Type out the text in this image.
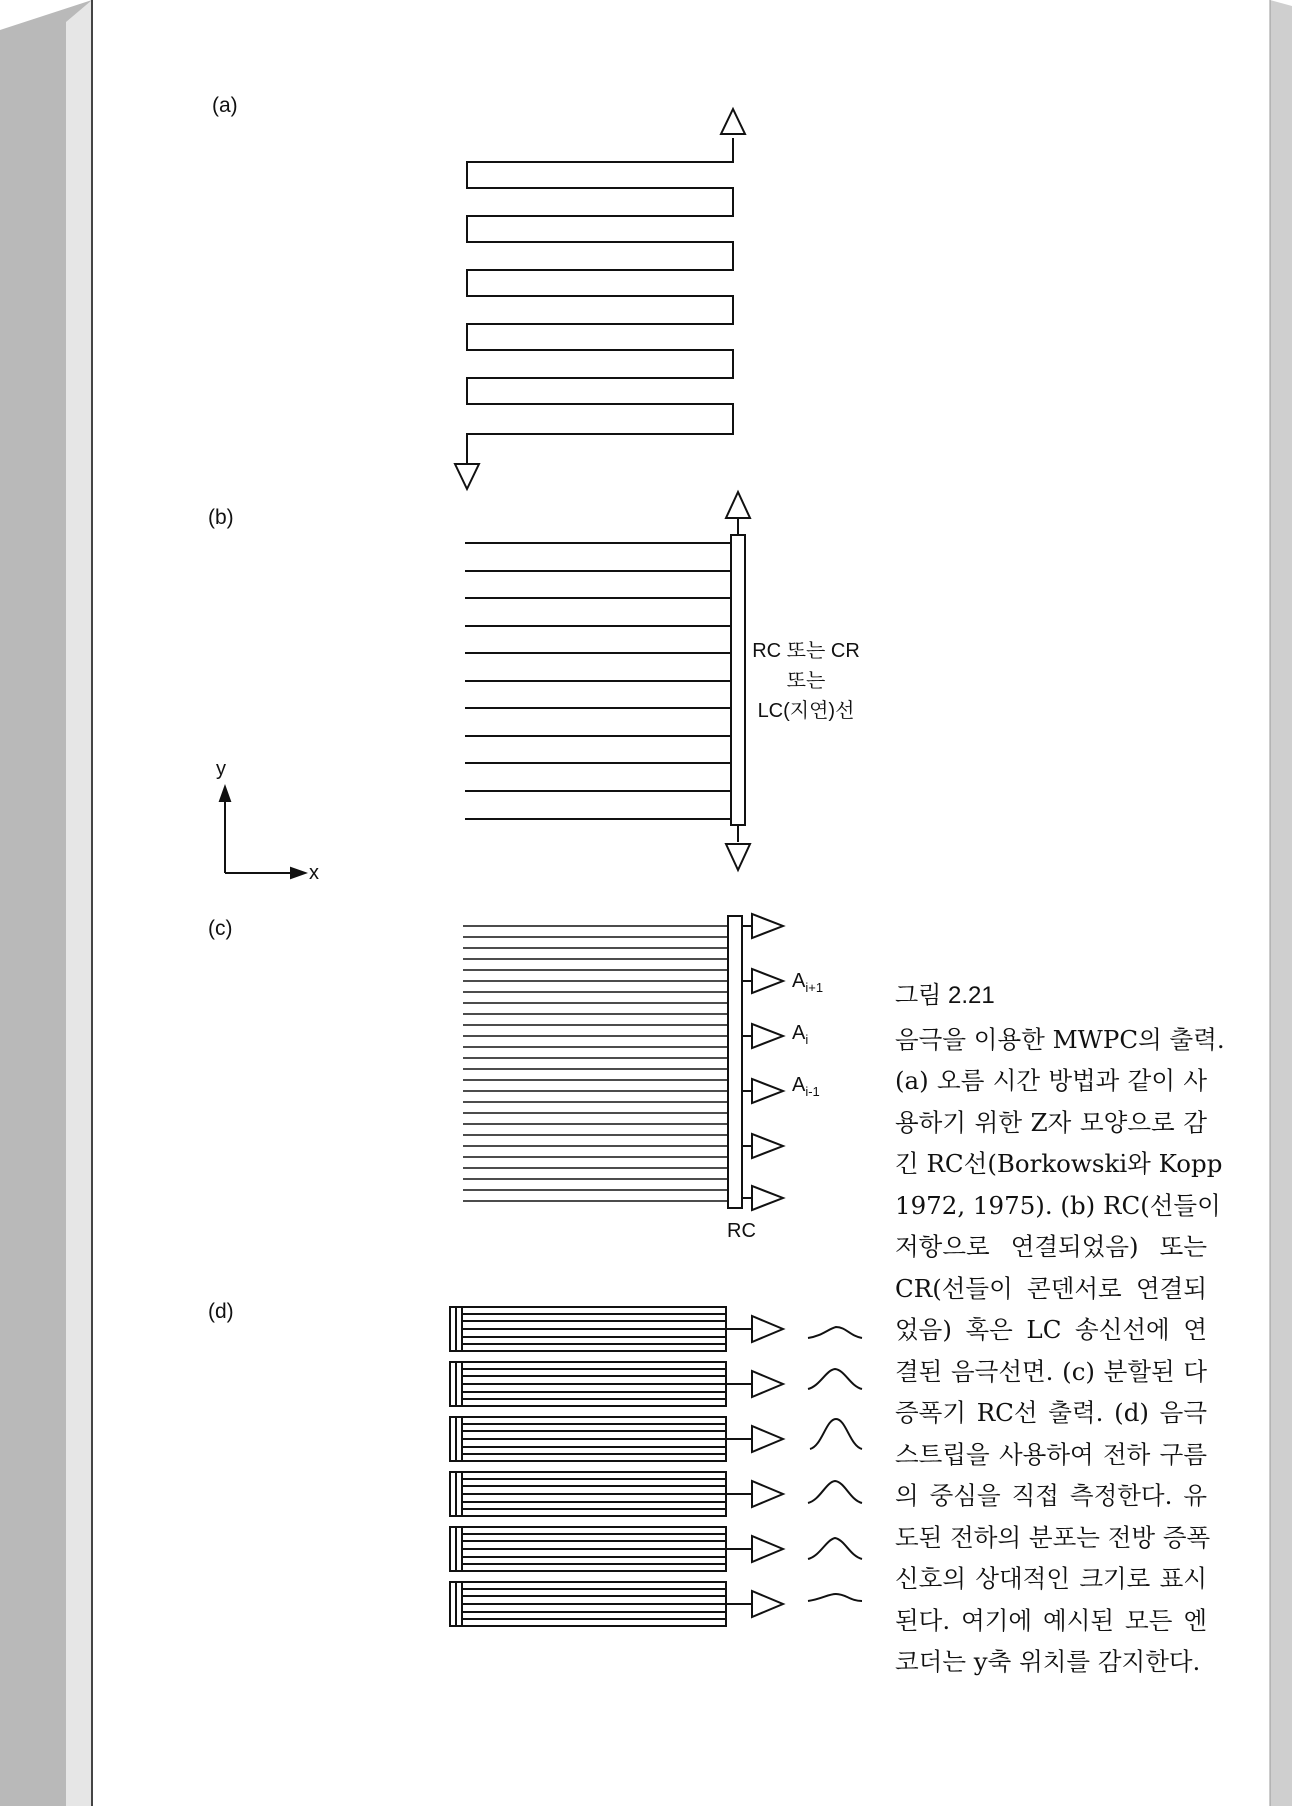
(a)
(b)
(c)
(d)
RC 또는 CR
또는
LC(지연)선
y
x
$A_{i+1}$
$A_i$
$A_{i-1}$
RC
그림 2.21
음극을 이용한 MWPC의 출력.
(a) 오름 시간 방법과 같이 사
용하기 위한 Z자 모양으로 감
긴 RC선(Borkowski와 Kopp
1972, 1975). (b) RC(선들이
저항으로 연결되었음) 또는
CR(선들이 콘덴서로 연결되
었음) 혹은 LC 송신선에 연
결된 음극선면. (c) 분할된 다
증폭기 RC선 출력. (d) 음극
스트립을 사용하여 전하 구름
의 중심을 직접 측정한다. 유
도된 전하의 분포는 전방 증폭
신호의 상대적인 크기로 표시
된다. 여기에 예시된 모든 엔
코더는 y축 위치를 감지한다.
